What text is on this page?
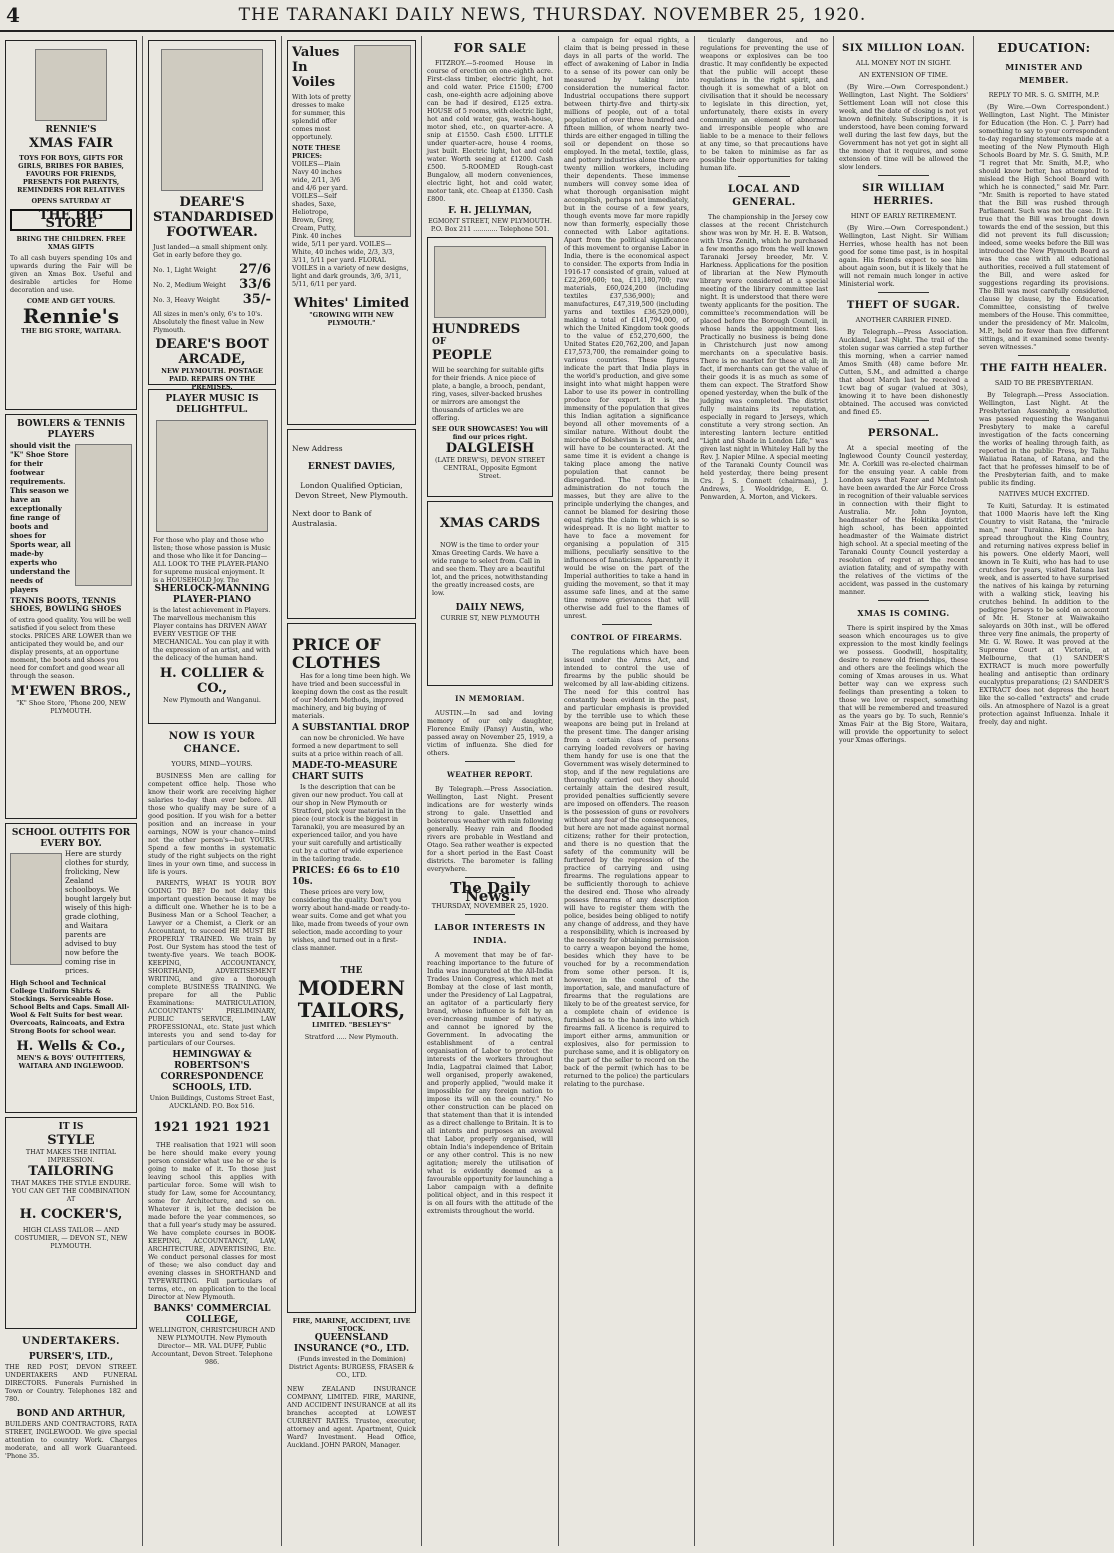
4	THE TARANAKI DAILY NEWS, THURSDAY. NOVEMBER 25, 1920.
RENNIE'S
XMAS FAIR
TOYS FOR BOYS, GIFTS FOR GIRLS, BRIBES FOR BABIES, FAVOURS FOR FRIENDS, PRESENTS FOR PARENTS, REMINDERS FOR RELATIVES
OPENS SATURDAY AT
THE BIG STORE
BRING THE CHILDREN. FREE XMAS GIFTS
To all cash buyers spending 10s and upwards during the Fair will be given an Xmas Box. Useful and desirable articles for Home decoration and use.
COME AND GET YOURS.
Rennie's
THE BIG STORE, WAITARA.
BOWLERS & TENNIS PLAYERS
should visit the "K" Shoe Store for their footwear requirements. This season we have an exceptionally fine range of boots and shoes for Sports wear, all made-by experts who understand the needs of players
TENNIS BOOTS, TENNIS SHOES, BOWLING SHOES
of extra good quality. You will be well satisfied if you select from these stocks. PRICES ARE LOWER than we anticipated they would be, and our display presents, at an opportune moment, the boots and shoes you need for comfort and good wear all through the season.
M'EWEN BROS.,
"K" Shoe Store, 'Phone 200, NEW PLYMOUTH.
SCHOOL OUTFITS FOR EVERY BOY.
Here are sturdy clothes for sturdy, frolicking, New Zealand schoolboys. We bought largely but wisely of this high-grade clothing, and Waitara parents are advised to buy now before the coming rise in prices.
High School and Technical College Uniform Shirts & Stockings. Serviceable Hose. School Belts and Caps. Small All-Wool & Felt Suits for best wear. Overcoats, Raincoats, and Extra Strong Boots for school wear.
H. Wells & Co.,
MEN'S & BOYS' OUTFITTERS, WAITARA AND INGLEWOOD.
IT IS
STYLE
THAT MAKES THE INITIAL IMPRESSION.
TAILORING
THAT MAKES THE STYLE ENDURE. YOU CAN GET THE COMBINATION AT
H. COCKER'S,
HIGH CLASS TAILOR — AND COSTUMIER, — DEVON ST., NEW PLYMOUTH.
UNDERTAKERS.
PURSER'S, LTD.,
THE RED POST, DEVON STREET. UNDERTAKERS AND FUNERAL DIRECTORS. Funerals Furnished in Town or Country. Telephones 182 and 780.
BOND AND ARTHUR,
BUILDERS AND CONTRACTORS, RATA STREET, INGLEWOOD. We give special attention to country Work. Charges moderate, and all work Guaranteed. 'Phone 35.
DEARE'S STANDARDISED FOOTWEAR.
Just landed—a small shipment only. Get in early before they go.
No. 1, Light Weight 27/6
No. 2, Medium Weight 33/6
No. 3, Heavy Weight 35/-
All sizes in men's only, 6's to 10's. Absolutely the finest value in New Plymouth.
DEARE'S BOOT ARCADE,
NEW PLYMOUTH. POSTAGE PAID. REPAIRS ON THE PREMISES.
PLAYER MUSIC IS DELIGHTFUL.
For those who play and those who listen; those whose passion is Music and those who like it for Dancing—ALL LOOK TO THE PLAYER-PIANO for supreme musical enjoyment. It is a HOUSEHOLD Joy. The
SHERLOCK-MANNING PLAYER-PIANO
is the latest achievement in Players. The marvellous mechanism this Player contains has DRIVEN AWAY EVERY VESTIGE OF THE MECHANICAL. You can play it with the expression of an artist, and with the delicacy of the human hand.
H. COLLIER & CO.,
New Plymouth and Wanganui.
NOW IS YOUR CHANCE.
YOURS, MIND—YOURS.

BUSINESS Men are calling for competent office help. Those who know their work are receiving higher salaries to-day than ever before. All those who qualify may be sure of a good position. If you wish for a better position and an increase in your earnings, NOW is your chance—mind not the other person's—but YOURS. Spend a few months in systematic study of the right subjects on the right lines in your own time, and success in life is yours.

PARENTS, WHAT IS YOUR BOY GOING TO BE? Do not delay this important question because it may be a difficult one. Whether he is to be a Business Man or a School Teacher, a Lawyer or a Chemist, a Clerk or an Accountant, to succeed HE MUST BE PROPERLY TRAINED. We train by Post. Our System has stood the test of twenty-five years. We teach BOOK-KEEPING, ACCOUNTANCY, SHORTHAND, ADVERTISEMENT WRITING, and give a thorough complete BUSINESS TRAINING. We prepare for all the Public Examinations: MATRICULATION, ACCOUNTANTS' PRELIMINARY, PUBLIC SERVICE, LAW PROFESSIONAL, etc. State just which interests you and send to-day for particulars of our Courses.

HEMINGWAY & ROBERTSON'S CORRESPONDENCE SCHOOLS, LTD.
Union Buildings, Customs Street East, AUCKLAND. P.O. Box 516.
1921 1921 1921

THE realisation that 1921 will soon be here should make every young person consider what use he or she is going to make of it. To those just leaving school this applies with particular force. Some will wish to study for Law, some for Accountancy, some for Architecture, and so on. Whatever it is, let the decision be made before the year commences, so that a full year's study may be assured. We have complete courses in BOOK-KEEPING, ACCOUNTANCY, LAW, ARCHITECTURE, ADVERTISING, Etc. We conduct personal classes for most of these; we also conduct day and evening classes in SHORTHAND and TYPEWRITING. Full particulars of terms, etc., on application to the local Director at New Plymouth.

BANKS' COMMERCIAL COLLEGE,
WELLINGTON, CHRISTCHURCH AND NEW PLYMOUTH. New Plymouth Director— MR. VAL DUFF, Public Accountant, Devon Street. Telephone 986.
Values In Voiles
With lots of pretty dresses to make for summer, this splendid offer comes most opportunely.
NOTE THESE PRICES:
VOILES—Plain Navy 40 inches wide, 2/11, 3/6 and 4/6 per yard. VOILES—Self shades, Saxe, Heliotrope, Brown, Grey, Cream, Putty, Pink. 40 inches wide, 5/11 per yard. VOILES—White, 40 inches wide, 2/3, 3/3, 3/11, 5/11 per yard. FLORAL VOILES in a variety of new designs, light and dark grounds, 3/6, 3/11, 5/11, 6/11 per yard.
Whites' Limited
"GROWING WITH NEW PLYMOUTH."
New Address
ERNEST DAVIES,
London Qualified Optician, Devon Street, New Plymouth.
Next door to Bank of Australasia.
PRICE OF CLOTHES

Has for a long time been high. We have tried and been successful in keeping down the cost as the result of our Modern Methods, improved machinery, and big buying of materials.

A SUBSTANTIAL DROP

can now be chronicled. We have formed a new department to sell suits at a price within reach of all.

MADE-TO-MEASURE CHART SUITS

Is the description that can be given our new product. You call at our shop in New Plymouth or Stratford, pick your material in the piece (our stock is the biggest in Taranaki), you are measured by an experienced tailor, and you have your suit carefully and artistically cut by a cutter of wide experience in the tailoring trade.

PRICES: £6 6s to £10 10s.

These prices are very low, considering the quality. Don't you worry about hand-made or ready-to-wear suits. Come and get what you like, made from tweeds of your own selection, made according to your wishes, and turned out in a first-class manner.

THE
MODERN TAILORS,
LIMITED. "BESLEY'S"
Stratford ..... New Plymouth.
FIRE, MARINE, ACCIDENT, LIVE STOCK.
QUEENSLAND INSURANCE (*O., LTD.
(Funds invested in the Dominion) District Agents: BURGESS, FRASER & CO., LTD.
NEW ZEALAND INSURANCE COMPANY, LIMITED. FIRE, MARINE, AND ACCIDENT INSURANCE at all its branches accepted at LOWEST CURRENT RATES. Trustee, executor, attorney and agent. Apartment, Quick Ward? Investment. Head Office, Auckland. JOHN PARON, Manager.
FOR SALE

FITZROY.—5-roomed House in course of erection on one-eighth acre. First-class timber, electric light, hot and cold water. Price £1500; £700 cash, one-eighth acre adjoining above can be had if desired, £125 extra. HOUSE of 5 rooms, with electric light, hot and cold water, gas, wash-house, motor shed, etc., on quarter-acre. A snip at £1550. Cash £500. LITTLE under quarter-acre, house 4 rooms, just built. Electric light, hot and cold water. Worth seeing at £1200. Cash £500. 5-ROOMED Rough-cast Bungalow, all modern conveniences, electric light, hot and cold water, motor tank, etc. Cheap at £1350. Cash £800.

F. H. JELLYMAN,
EGMONT STREET, NEW PLYMOUTH. P.O. Box 211 ............ Telephone 501.
HUNDREDS
OF
PEOPLE
Will be searching for suitable gifts for their friends. A nice piece of plate, a bangle, a brooch, pendant, ring, vases, silver-backed brushes or mirrors are amongst the thousands of articles we are offering.
SEE OUR SHOWCASES! You will find our prices right.
DALGLEISH
(LATE DREW'S), DEVON STREET CENTRAL, Opposite Egmont Street.
XMAS CARDS

NOW is the time to order your Xmas Greeting Cards. We have a wide range to select from. Call in and see them. They are a beautiful lot, and the prices, notwithstanding the greatly increased costs, are low.

DAILY NEWS,
CURRIE ST, NEW PLYMOUTH
IN MEMORIAM.

AUSTIN.—In sad and loving memory of our only daughter, Florence Emily (Pansy) Austin, who passed away on November 25, 1919, a victim of influenza. She died for others.

WEATHER REPORT.

By Telegraph.—Press Association. Wellington, Last Night. Present indications are for westerly winds strong to gale. Unsettled and boisterous weather with rain following generally. Heavy rain and flooded rivers are probable in Westland and Otago. Sea rather weather is expected for a short period in the East Coast districts. The barometer is falling everywhere.

The Daily News.
THURSDAY, NOVEMBER 25, 1920.
LABOR INTERESTS IN INDIA.

A movement that may be of far-reaching importance to the future of India was inaugurated at the All-India Trades Union Congress, which met at Bombay at the close of last month, under the Presidency of Lal Lagpatrai, an agitator of a particularly fiery brand, whose influence is felt by an ever-increasing number of natives, and cannot be ignored by the Government. In advocating the establishment of a central organisation of Labor to protect the interests of the workers throughout India, Lagpatrai claimed that Labor, well organised, properly awakened, and properly applied, "would make it impossible for any foreign nation to impose its will on the country." No other construction can be placed on that statement than that it is intended as a direct challenge to Britain. It is to all intents and purposes an avowal that Labor, properly organised, will obtain India's independence of Britain or any other control. This is no new agitation; merely the utilisation of what is evidently deemed as a favourable opportunity for launching a Labor campaign with a definite political object, and in this respect it is on all fours with the attitude of the extremists throughout the world.

a campaign for equal rights, a claim that is being pressed in these days in all parts of the world. The effect of awakening of Labor in India to a sense of its power can only be measured by taking into consideration the numerical factor. Industrial occupations there support between thirty-five and thirty-six millions of people, out of a total population of over three hundred and fifteen million, of whom nearly two-thirds are either engaged in tilling the soil or dependent on those so employed. In the metal, textile, glass, and pottery industries alone there are twenty million workers, including their dependents. These immense numbers will convey some idea of what thorough organisation might accomplish, perhaps not immediately, but in the course of a few years, though events move far more rapidly now than formerly, especially those connected with Labor agitations. Apart from the political significance of this movement to organise Labor in India, there is the economical aspect to consider. The exports from India in 1916-17 consisted of grain, valued at £22,269,600; tea, £11,180,700; raw materials, £60,024,200 (including textiles £37,536,900); and manufactures, £47,319,500 (including yarns and textiles £36,529,000), making a total of £141,794,000, of which the United Kingdom took goods to the value of £52,270,600, the United States £20,762,200, and Japan £17,573,700, the remainder going to various countries. These figures indicate the part that India plays in the world's production, and give some insight into what might happen were Labor to use its power in controlling produce for export. It is the immensity of the population that gives this Indian agitation a significance beyond all other movements of a similar nature. Without doubt the microbe of Bolshevism is at work, and will have to be counteracted. At the same time it is evident a change is taking place among the native population that cannot be disregarded. The reforms in administration do not touch the masses, but they are alive to the principle underlying the changes, and cannot be blamed for desiring those equal rights the claim to which is so widespread. It is no light matter to have to face a movement for organising a population of 315 millions, peculiarly sensitive to the influences of fanaticism. Apparently it would be wise on the part of the Imperial authorities to take a hand in guiding the movement, so that it may assume safe lines, and at the same time remove grievances that will otherwise add fuel to the flames of unrest.

CONTROL OF FIREARMS.

The regulations which have been issued under the Arms Act, and intended to control the use of firearms by the public should be welcomed by all law-abiding citizens. The need for this control has constantly been evident in the past, and particular emphasis is provided by the terrible use to which these weapons are being put in Ireland at the present time. The danger arising from a certain class of persons carrying loaded revolvers or having them handy for use is one that the Government was wisely determined to stop, and if the new regulations are thoroughly carried out they should certainly attain the desired result, provided penalties sufficiently severe are imposed on offenders. The reason is the possession of guns or revolvers without any fear of the consequences, but here are not made against normal citizens; rather for their protection, and there is no question that the safety of the community will be furthered by the repression of the practice of carrying and using firearms. The regulations appear to be sufficiently thorough to achieve the desired end. Those who already possess firearms of any description will have to register them with the police, besides being obliged to notify any change of address, and they have a responsibility, which is increased by the necessity for obtaining permission to carry a weapon beyond the home, besides which they have to be vouched for by a recommendation from some other person. It is, however, in the control of the importation, sale, and manufacture of firearms that the regulations are likely to be of the greatest service, for a complete chain of evidence is furnished as to the hands into which firearms fall. A licence is required to import either arms, ammunition or explosives, also for permission to purchase same, and it is obligatory on the part of the seller to record on the back of the permit (which has to be returned to the police) the particulars relating to the purchase.

ticularly dangerous, and no regulations for preventing the use of weapons or explosives can be too drastic. It may confidently be expected that the public will accept these regulations in the right spirit, and though it is somewhat of a blot on civilisation that it should be necessary to legislate in this direction, yet, unfortunately, there exists in every community an element of abnormal and irresponsible people who are liable to be a menace to their fellows at any time, so that precautions have to be taken to minimise as far as possible their opportunities for taking human life.

LOCAL AND GENERAL.

The championship in the Jersey cow classes at the recent Christchurch show was won by Mr. H. E. B. Watson, with Ursa Zenith, which he purchased a few months ago from the well known Taranaki Jersey breeder, Mr. V. Harkness. Applications for the position of librarian at the New Plymouth library were considered at a special meeting of the library committee last night. It is understood that there were twenty applicants for the position. The committee's recommendation will be placed before the Borough Council, in whose hands the appointment lies. Practically no business is being done in Christchurch just now among merchants on a speculative basis. There is no market for these at all; in fact, if merchants can get the value of their goods it is as much as some of them can expect. The Stratford Show opened yesterday, when the bulk of the judging was completed. The district fully maintains its reputation, especially in regard to Jerseys, which constitute a very strong section. An interesting lantern lecture entitled "Light and Shade in London Life," was given last night in Whiteley Hall by the Rev. J. Napier Milne. A special meeting of the Taranaki County Council was held yesterday, there being present Crs. J. S. Connett (chairman), J. Andrews, J. Wooldridge, E. O. Penwarden, A. Morton, and Vickers.

SIX MILLION LOAN.
ALL MONEY NOT IN SIGHT.
AN EXTENSION OF TIME.

(By Wire.—Own Correspondent.) Wellington, Last Night. The Soldiers' Settlement Loan will not close this week, and the date of closing is not yet known definitely. Subscriptions, it is understood, have been coming forward well during the last few days, but the Government has not yet got in sight all the money that it requires, and some extension of time will be allowed the slow lenders.

SIR WILLIAM HERRIES.
HINT OF EARLY RETIREMENT.

(By Wire.—Own Correspondent.) Wellington, Last Night. Sir William Herries, whose health has not been good for some time past, is in hospital again. His friends expect to see him about again soon, but it is likely that he will not remain much longer in active Ministerial work.

THEFT OF SUGAR.
ANOTHER CARRIER FINED.

By Telegraph.—Press Association. Auckland, Last Night. The trail of the stolen sugar was carried a step further this morning, when a carrier named Amos Smith (48) came before Mr. Cutten, S.M., and admitted a charge that about March last he received a 1cwt bag of sugar (valued at 30s), knowing it to have been dishonestly obtained. The accused was convicted and fined £5.

PERSONAL.

At a special meeting of the Inglewood County Council yesterday, Mr. A. Corkill was re-elected chairman for the ensuing year. A cable from London says that Fazer and McIntosh have been awarded the Air Force Cross in recognition of their valuable services in connection with their flight to Australia. Mr. John Joynton, headmaster of the Hokitika district high school, has been appointed headmaster of the Waimate district high school. At a special meeting of the Taranaki County Council yesterday a resolution of regret at the recent aviation fatality, and of sympathy with the relatives of the victims of the accident, was passed in the customary manner.

XMAS IS COMING.

There is spirit inspired by the Xmas season which encourages us to give expression to the most kindly feelings we possess. Goodwill, hospitality, desire to renew old friendships, these and others are the feelings which the coming of Xmas arouses in us. What better way can we express such feelings than presenting a token to those we love or respect, something that will be remembered and treasured as the years go by. To such, Rennie's Xmas Fair at the Big Store, Waitara, will provide the opportunity to select your Xmas offerings.

EDUCATION:
MINISTER AND MEMBER.
REPLY TO MR. S. G. SMITH, M.P.

(By Wire.—Own Correspondent.) Wellington, Last Night. The Minister for Education (the Hon. C. J. Parr) had something to say to your correspondent to-day regarding statements made at a meeting of the New Plymouth High Schools Board by Mr. S. G. Smith, M.P. "I regret that Mr. Smith, M.P., who should know better, has attempted to mislead the High School Board with which he is connected," said Mr. Parr. "Mr. Smith is reported to have stated that the Bill was rushed through Parliament. Such was not the case. It is true that the Bill was brought down towards the end of the session, but this did not prevent its full discussion; indeed, some weeks before the Bill was introduced the New Plymouth Board as was the case with all educational authorities, received a full statement of the Bill, and were asked for suggestions regarding its provisions. The Bill was most carefully considered, clause by clause, by the Education Committee, consisting of twelve members of the House. This committee, under the presidency of Mr. Malcolm, M.P., held no fewer than five different sittings, and it examined some twenty-seven witnesses."

THE FAITH HEALER.
SAID TO BE PRESBYTERIAN.

By Telegraph.—Press Association. Wellington, Last Night. At the Presbyterian Assembly, a resolution was passed requesting the Wanganui Presbytery to make a careful investigation of the facts concerning the works of healing through faith, as reported in the public Press, by Taihu Waiiatua Ratana, of Ratana, and the fact that he professes himself to be of the Presbyterian faith, and to make public its finding.

NATIVES MUCH EXCITED.

Te Kuiti, Saturday. It is estimated that 1000 Maoris have left the King Country to visit Ratana, the "miracle man," near Turakina. His fame has spread throughout the King Country, and returning natives express belief in his powers. One elderly Maori, well known in Te Kuiti, who has had to use crutches for years, visited Ratana last week, and is asserted to have surprised the natives of his kainga by returning with a walking stick, leaving his crutches behind. In addition to the pedigree Jerseys to be sold on account of Mr. H. Stoner at Waiwakaiho saleyards on 30th inst., will be offered three very fine animals, the property of Mr. G. W. Rowe. It was proved at the Supreme Court at Victoria, at Melbourne, that (1) SANDER'S EXTRACT is much more powerfully healing and antiseptic than ordinary eucalyptus preparations; (2) SANDER'S EXTRACT does not depress the heart like the so-called "extracts" and crude oils. An atmosphere of Nazol is a great protection against Influenza. Inhale it freely, day and night.
